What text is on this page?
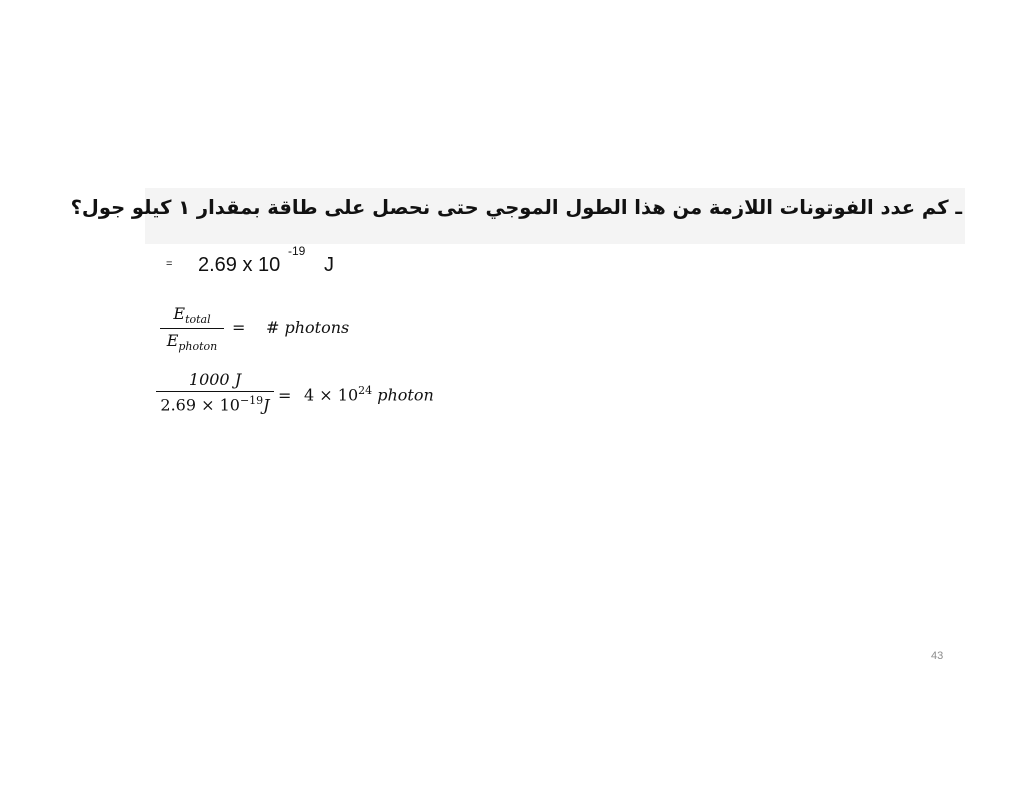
ـ كم عدد الفوتونات اللازمة من هذا الطول الموجي حتى نحصل على طاقة بمقدار ١ كيلو جول؟
= 2.69 x 10
-19
J
$E_{total}$
$E_{photon}$
= # photons
1000 J
$2.69 \times 10^{-19}J = 4 \times 10^{24}$ photon
43
